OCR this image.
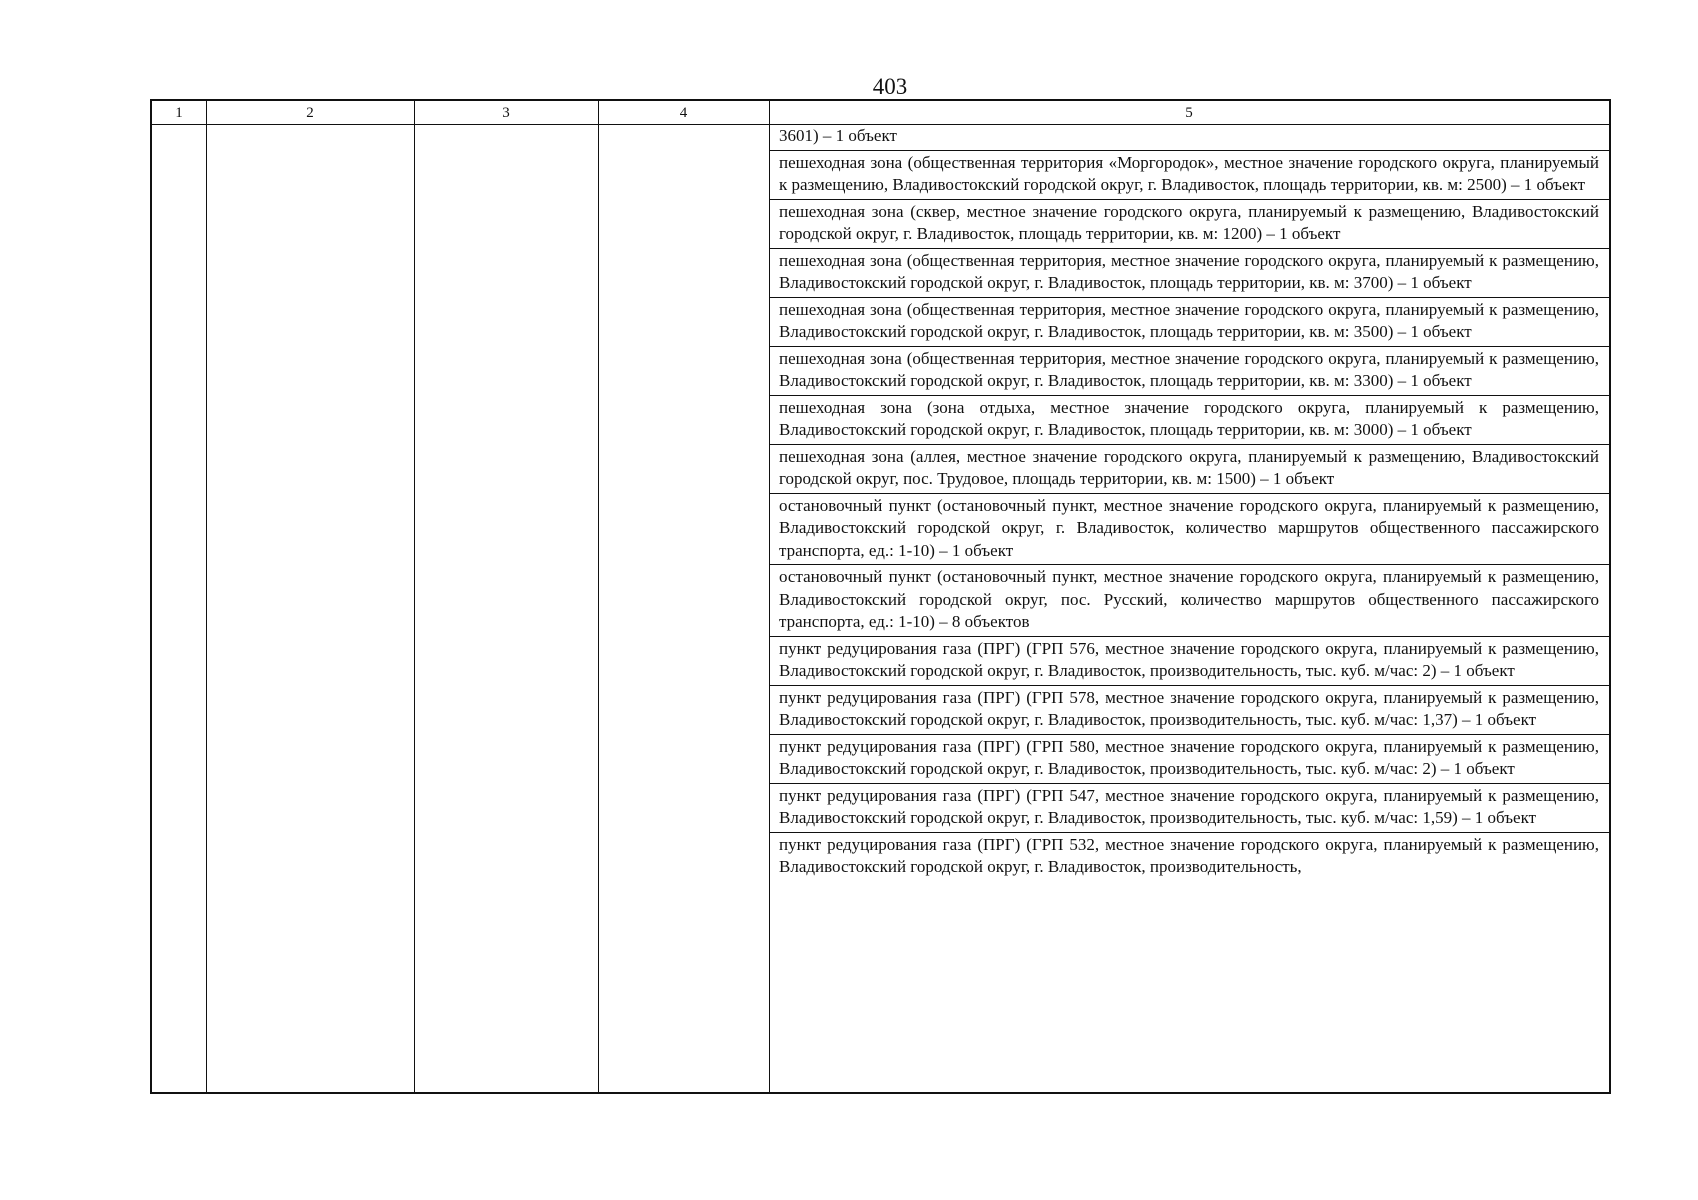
403
1	2	3	4	5
3601) – 1 объект
пешеходная зона (общественная территория «Моргородок», местное значение городского округа, планируемый к размещению, Владивостокский городской округ, г. Владивосток, площадь территории, кв. м: 2500) – 1 объект
пешеходная зона (сквер, местное значение городского округа, планируемый к размещению, Владивостокский городской округ, г. Владивосток, площадь территории, кв. м: 1200) – 1 объект
пешеходная зона (общественная территория, местное значение городского округа, планируемый к размещению, Владивостокский городской округ, г. Владивосток, площадь территории, кв. м: 3700) – 1 объект
пешеходная зона (общественная территория, местное значение городского округа, планируемый к размещению, Владивостокский городской округ, г. Владивосток, площадь территории, кв. м: 3500) – 1 объект
пешеходная зона (общественная территория, местное значение городского округа, планируемый к размещению, Владивостокский городской округ, г. Владивосток, площадь территории, кв. м: 3300) – 1 объект
пешеходная зона (зона отдыха, местное значение городского округа, планируемый к размещению, Владивостокский городской округ, г. Владивосток, площадь территории, кв. м: 3000) – 1 объект
пешеходная зона (аллея, местное значение городского округа, планируемый к размещению, Владивостокский городской округ, пос. Трудовое, площадь территории, кв. м: 1500) – 1 объект
остановочный пункт (остановочный пункт, местное значение городского округа, планируемый к размещению, Владивостокский городской округ, г. Владивосток, количество маршрутов общественного пассажирского транспорта, ед.: 1-10) – 1 объект
остановочный пункт (остановочный пункт, местное значение городского округа, планируемый к размещению, Владивостокский городской округ, пос. Русский, количество маршрутов общественного пассажирского транспорта, ед.: 1-10) – 8 объектов
пункт редуцирования газа (ПРГ) (ГРП 576, местное значение городского округа, планируемый к размещению, Владивостокский городской округ, г. Владивосток, производительность, тыс. куб. м/час: 2) – 1 объект
пункт редуцирования газа (ПРГ) (ГРП 578, местное значение городского округа, планируемый к размещению, Владивостокский городской округ, г. Владивосток, производительность, тыс. куб. м/час: 1,37) – 1 объект
пункт редуцирования газа (ПРГ) (ГРП 580, местное значение городского округа, планируемый к размещению, Владивостокский городской округ, г. Владивосток, производительность, тыс. куб. м/час: 2) – 1 объект
пункт редуцирования газа (ПРГ) (ГРП 547, местное значение городского округа, планируемый к размещению, Владивостокский городской округ, г. Владивосток, производительность, тыс. куб. м/час: 1,59) – 1 объект
пункт редуцирования газа (ПРГ) (ГРП 532, местное значение городского округа, планируемый к размещению, Владивостокский городской округ, г. Владивосток, производительность,
